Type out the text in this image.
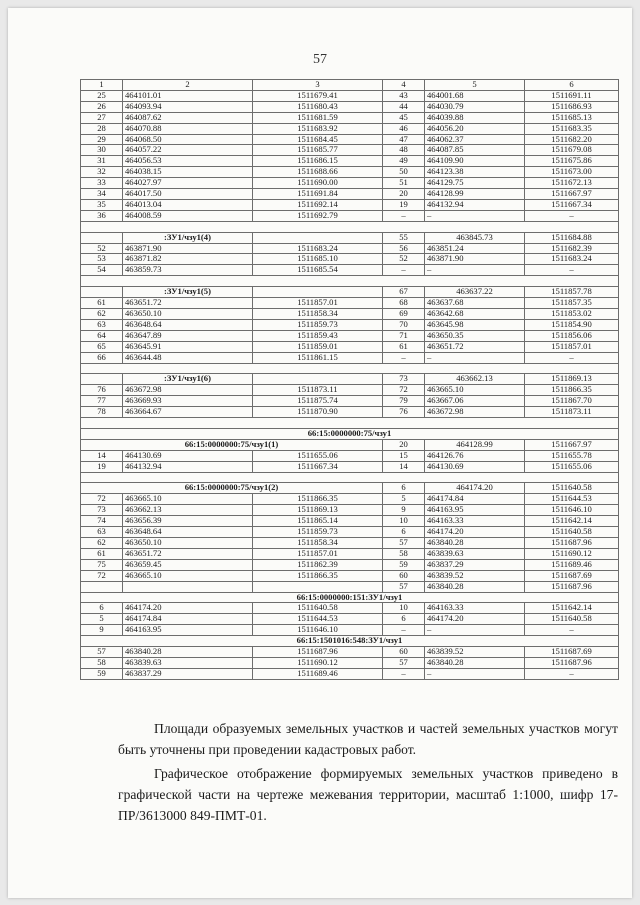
57
1	2	3	4	5	6
25	464101.01	1511679.41	43	464001.68	1511691.11
26	464093.94	1511680.43	44	464030.79	1511686.93
27	464087.62	1511681.59	45	464039.88	1511685.13
28	464070.88	1511683.92	46	464056.20	1511683.35
29	464068.50	1511684.45	47	464062.37	1511682.20
30	464057.22	1511685.77	48	464087.85	1511679.08
31	464056.53	1511686.15	49	464109.90	1511675.86
32	464038.15	1511688.66	50	464123.38	1511673.00
33	464027.97	1511690.00	51	464129.75	1511672.13
34	464017.50	1511691.84	20	464128.99	1511667.97
35	464013.04	1511692.14	19	464132.94	1511667.34
36	464008.59	1511692.79	–	–	–

	:ЗУ1/чзу1(4)		55	463845.73	1511684.88
52	463871.90	1511683.24	56	463851.24	1511682.39
53	463871.82	1511685.10	52	463871.90	1511683.24
54	463859.73	1511685.54	–	–	–

	:ЗУ1/чзу1(5)		67	463637.22	1511857.78
61	463651.72	1511857.01	68	463637.68	1511857.35
62	463650.10	1511858.34	69	463642.68	1511853.02
63	463648.64	1511859.73	70	463645.98	1511854.90
64	463647.89	1511859.43	71	463650.35	1511856.06
65	463645.91	1511859.01	61	463651.72	1511857.01
66	463644.48	1511861.15	–	–	–

	:ЗУ1/чзу1(6)		73	463662.13	1511869.13
76	463672.98	1511873.11	72	463665.10	1511866.35
77	463669.93	1511875.74	79	463667.06	1511867.70
78	463664.67	1511870.90	76	463672.98	1511873.11

66:15:0000000:75/чзу1					
66:15:0000000:75/чзу1(1)			20	464128.99	1511667.97
14	464130.69	1511655.06	15	464126.76	1511655.78
19	464132.94	1511667.34	14	464130.69	1511655.06

66:15:0000000:75/чзу1(2)			6	464174.20	1511640.58
72	463665.10	1511866.35	5	464174.84	1511644.53
73	463662.13	1511869.13	9	464163.95	1511646.10
74	463656.39	1511865.14	10	464163.33	1511642.14
63	463648.64	1511859.73	6	464174.20	1511640.58
62	463650.10	1511858.34	57	463840.28	1511687.96
61	463651.72	1511857.01	58	463839.63	1511690.12
75	463659.45	1511862.39	59	463837.29	1511689.46
72	463665.10	1511866.35	60	463839.52	1511687.69
			57	463840.28	1511687.96
66:15:0000000:151:ЗУ1/чзу1					
6	464174.20	1511640.58	10	464163.33	1511642.14
5	464174.84	1511644.53	6	464174.20	1511640.58
9	464163.95	1511646.10	–	–	–
66:15:1501016:548:ЗУ1/чзу1					
57	463840.28	1511687.96	60	463839.52	1511687.69
58	463839.63	1511690.12	57	463840.28	1511687.96
59	463837.29	1511689.46	–	–	–
Площади образуемых земельных участков и частей земельных участков могут быть уточнены при проведении кадастровых работ.
Графическое отображение формируемых земельных участков приведено в графической части на чертеже межевания территории, масштаб 1:1000, шифр 17- ПР/3613000 849-ПМТ-01.
